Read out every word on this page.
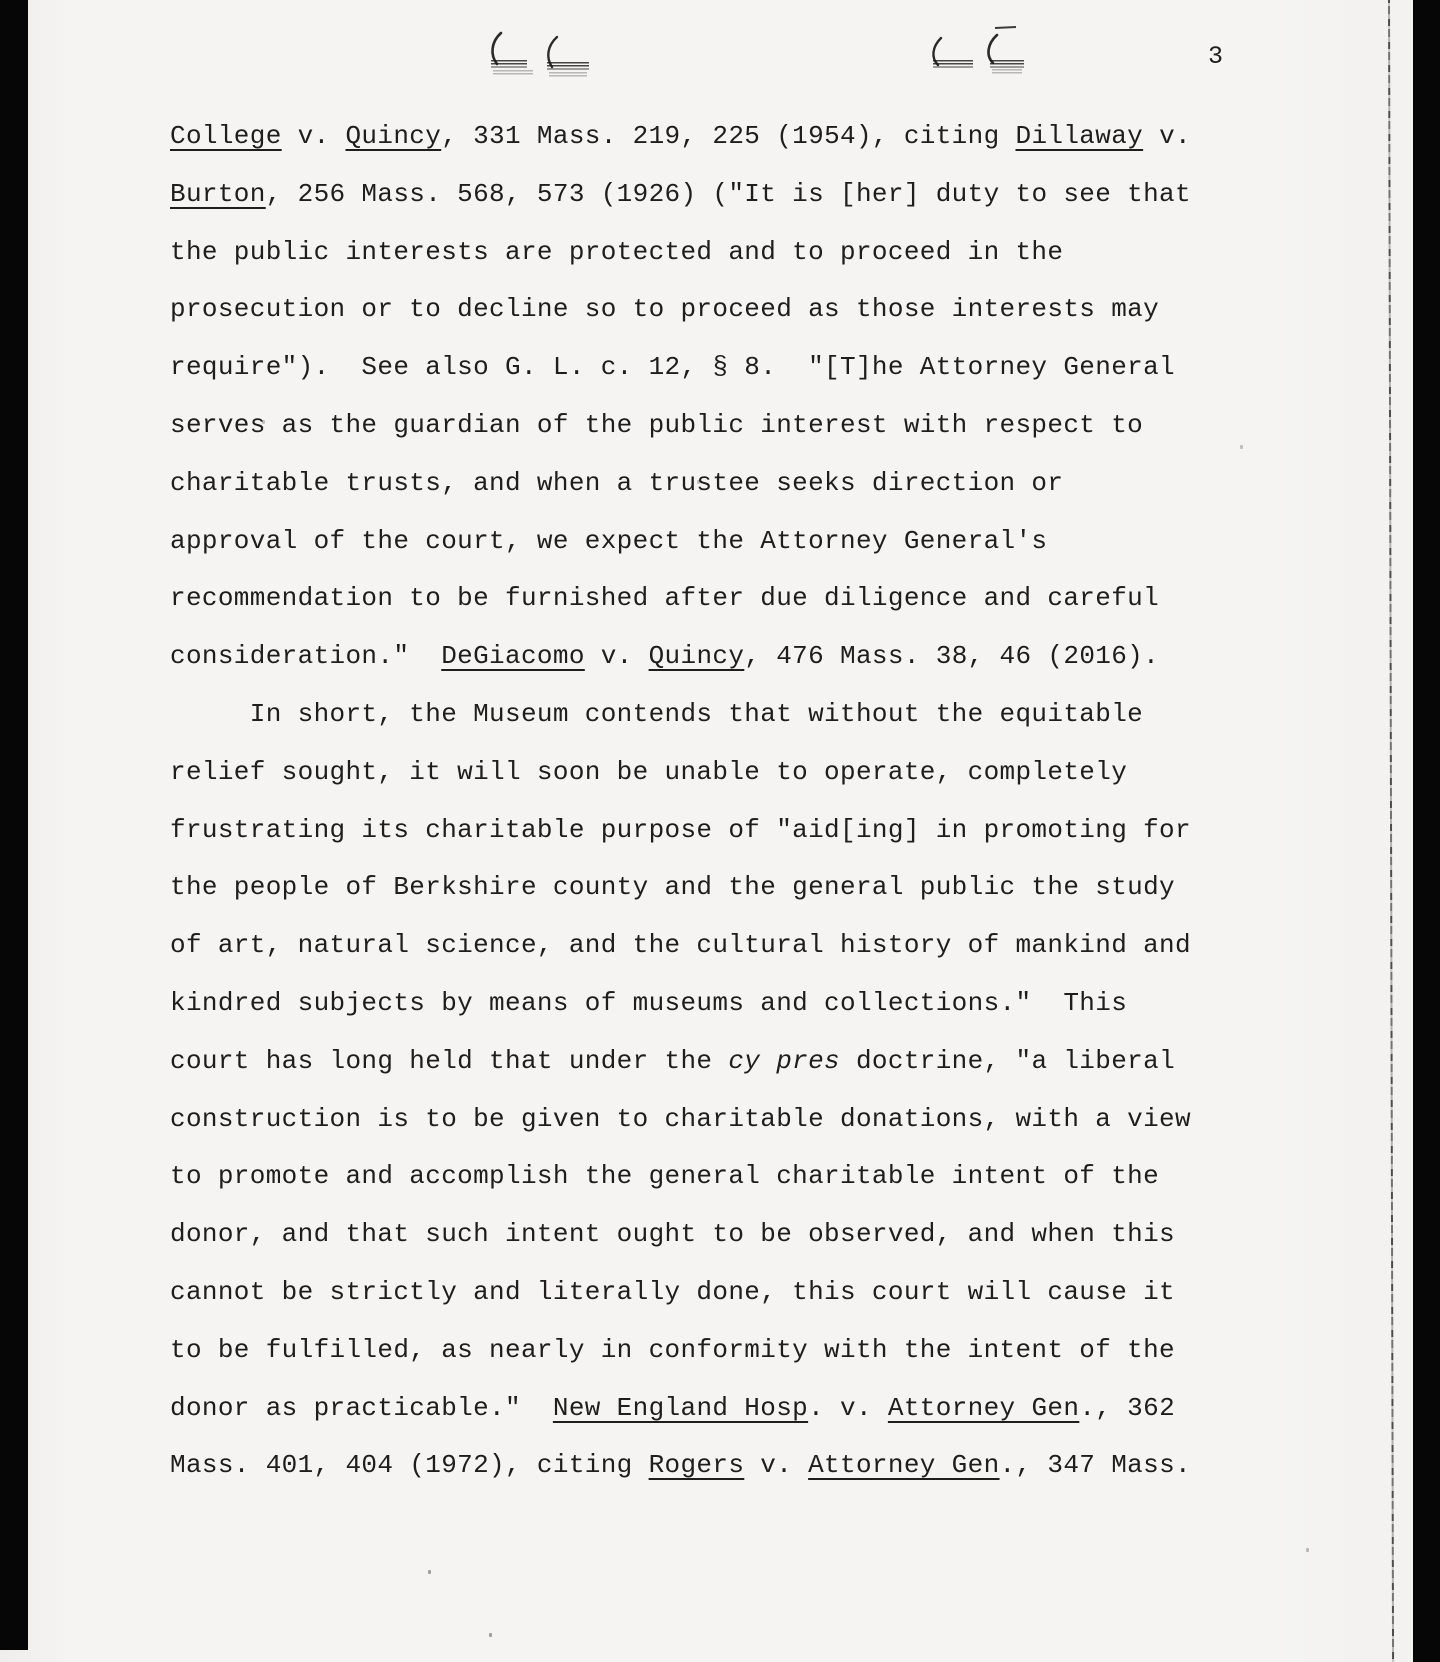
3
College v. Quincy, 331 Mass. 219, 225 (1954), citing Dillaway v.
Burton, 256 Mass. 568, 573 (1926) ("It is [her] duty to see that
the public interests are protected and to proceed in the
prosecution or to decline so to proceed as those interests may
require").  See also G. L. c. 12, § 8.  "[T]he Attorney General
serves as the guardian of the public interest with respect to
charitable trusts, and when a trustee seeks direction or
approval of the court, we expect the Attorney General's
recommendation to be furnished after due diligence and careful
consideration."  DeGiacomo v. Quincy, 476 Mass. 38, 46 (2016).
In short, the Museum contends that without the equitable
relief sought, it will soon be unable to operate, completely
frustrating its charitable purpose of "aid[ing] in promoting for
the people of Berkshire county and the general public the study
of art, natural science, and the cultural history of mankind and
kindred subjects by means of museums and collections."  This
court has long held that under the cy pres doctrine, "a liberal
construction is to be given to charitable donations, with a view
to promote and accomplish the general charitable intent of the
donor, and that such intent ought to be observed, and when this
cannot be strictly and literally done, this court will cause it
to be fulfilled, as nearly in conformity with the intent of the
donor as practicable."  New England Hosp. v. Attorney Gen., 362
Mass. 401, 404 (1972), citing Rogers v. Attorney Gen., 347 Mass.
